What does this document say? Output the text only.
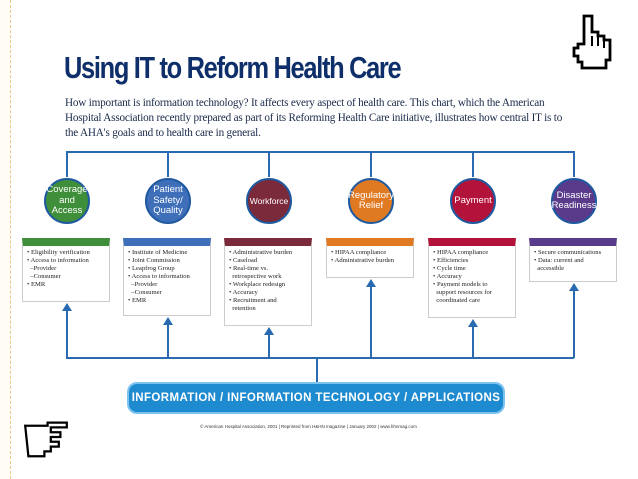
Using IT to Reform Health Care
How important is information technology? It affects every aspect of health care. This chart, which the American Hospital Association recently prepared as part of its Reforming Health Care initiative, illustrates how central IT is to the AHA's goals and to health care in general.
Coverage and Access
Patient Safety/ Quality
Workforce
Regulatory Relief	Payment	Disaster Readiness
• Eligibility verification
• Access to information
–Provider
–Consumer
• EMR
• Institute of Medicine
• Joint Commission
• Leapfrog Group
• Access to information
–Provider
–Consumer
• EMR
• Administrative burden
• Caseload
• Real-time vs.
retrospective work
• Workplace redesign
• Accuracy
• Recruitment and
retention
• HIPAA compliance
• Administrative burden
• HIPAA compliance
• Efficiencies
• Cycle time
• Accuracy
• Payment models to
support resources for
coordinated care
• Secure communications
• Data: current and
accessible
INFORMATION / INFORMATION TECHNOLOGY / APPLICATIONS
© American Hospital Association, 2001 | Reprinted from H&HN magazine | January 2002 | www.hhnmag.com
